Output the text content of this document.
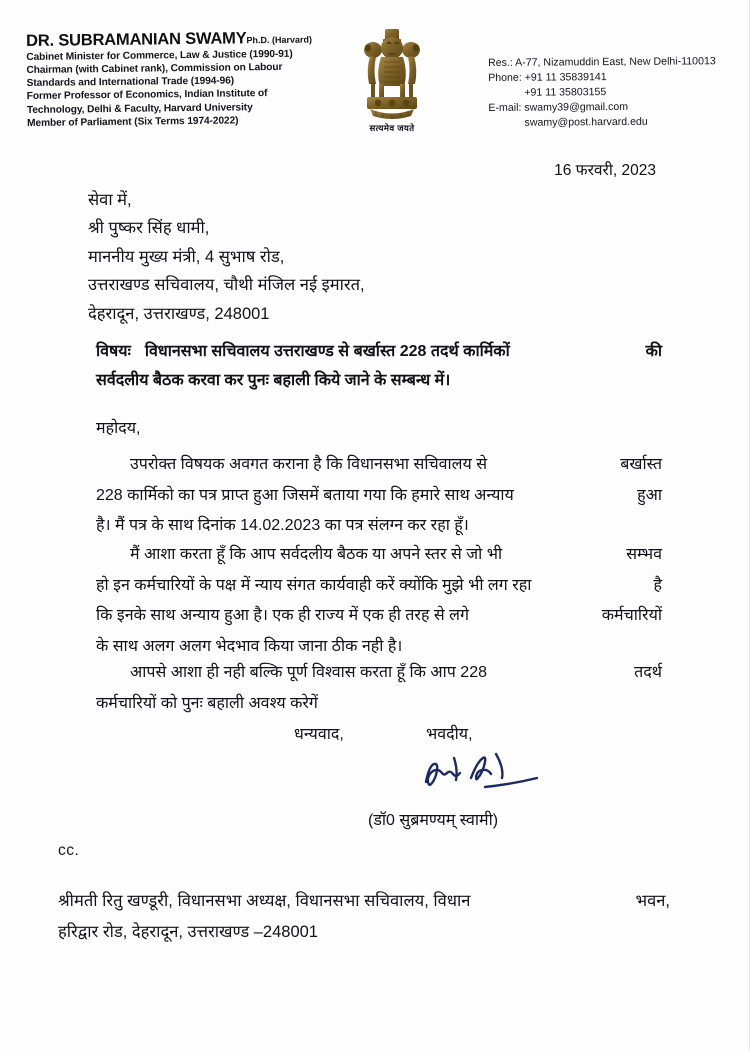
DR. SUBRAMANIAN SWAMYPh.D. (Harvard)
Cabinet Minister for Commerce, Law & Justice (1990-91)
Chairman (with Cabinet rank), Commission on Labour
Standards and International Trade (1994-96)
Former Professor of Economics, Indian Institute of
Technology, Delhi & Faculty, Harvard University
Member of Parliament (Six Terms 1974-2022)	सत्यमेव जयते
Res.: A-77, Nizamuddin East, New Delhi-110013
Phone: +91 11 35839141
+91 11 35803155
E-mail: swamy39@gmail.com
swamy@post.harvard.edu
16 फरवरी, 2023
सेवा में,
श्री पुष्कर सिंह धामी,
माननीय मुख्य मंत्री, 4 सुभाष रोड,
उत्तराखण्ड सचिवालय, चौथी मंजिल नई इमारत,
देहरादून, उत्तराखण्ड, 248001
विषयः विधानसभा सचिवालय उत्तराखण्ड से बर्खास्त 228 तदर्थ कार्मिकों	की
सर्वदलीय बैठक करवा कर पुनः बहाली किये जाने के सम्बन्ध में।
महोदय,
उपरोक्त विषयक अवगत कराना है कि विधानसभा सचिवालय से	बर्खास्त
228 कार्मिको का पत्र प्राप्त हुआ जिसमें बताया गया कि हमारे साथ अन्याय	हुआ
है। मैं पत्र के साथ दिनांक 14.02.2023 का पत्र संलग्न कर रहा हूँ।
मैं आशा करता हूँ कि आप सर्वदलीय बैठक या अपने स्तर से जो भी	सम्भव
हो इन कर्मचारियों के पक्ष में न्याय संगत कार्यवाही करें क्योंकि मुझे भी लग रहा	है
कि इनके साथ अन्याय हुआ है। एक ही राज्य में एक ही तरह से लगे	कर्मचारियों
के साथ अलग अलग भेदभाव किया जाना ठीक नही है।
आपसे आशा ही नही बल्कि पूर्ण विश्वास करता हूँ कि आप 228	तदर्थ
कर्मचारियों को पुनः बहाली अवश्य करेगें
धन्यवाद,	भवदीय,
(डॉ0 सुब्रमण्यम् स्वामी)
cc.
श्रीमती रितु खण्डूरी, विधानसभा अध्यक्ष, विधानसभा सचिवालय, विधान	भवन,
हरिद्वार रोड, देहरादून, उत्तराखण्ड –248001
